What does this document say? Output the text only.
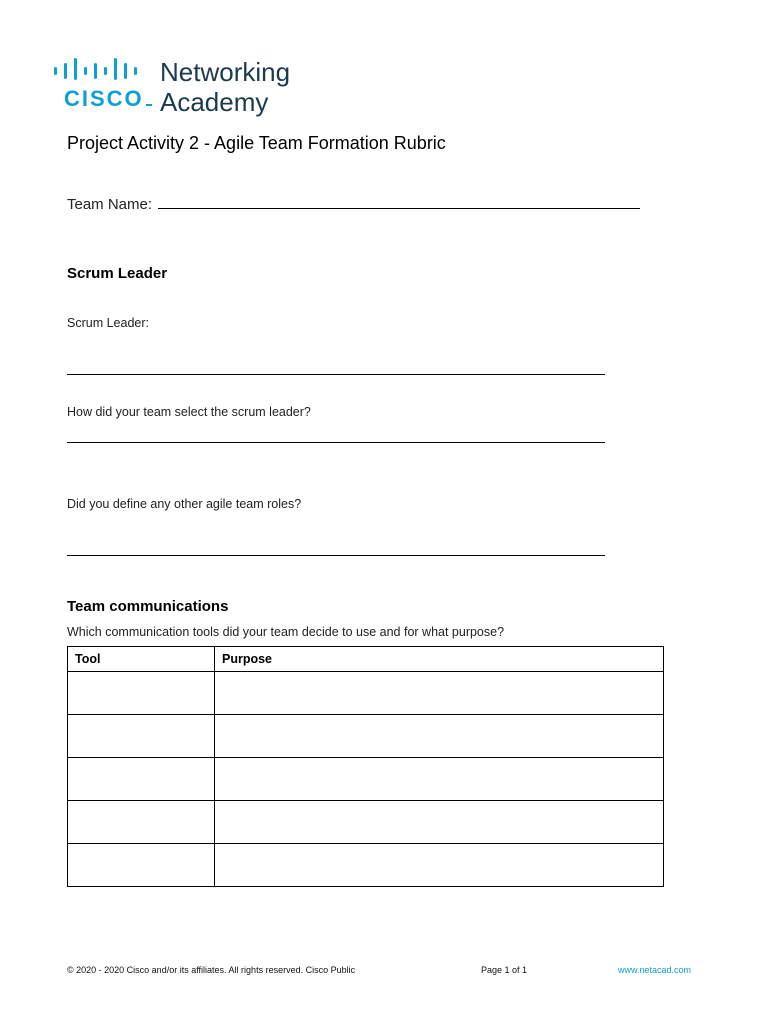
CISCO
Networking
Academy
Project Activity 2 - Agile Team Formation Rubric
Team Name:
Scrum Leader
Scrum Leader:
How did your team select the scrum leader?
Did you define any other agile team roles?
Team communications
Which communication tools did your team decide to use and for what purpose?
Tool	Purpose

© 2020 - 2020 Cisco and/or its affiliates. All rights reserved. Cisco Public	Page 1 of 1	www.netacad.com
